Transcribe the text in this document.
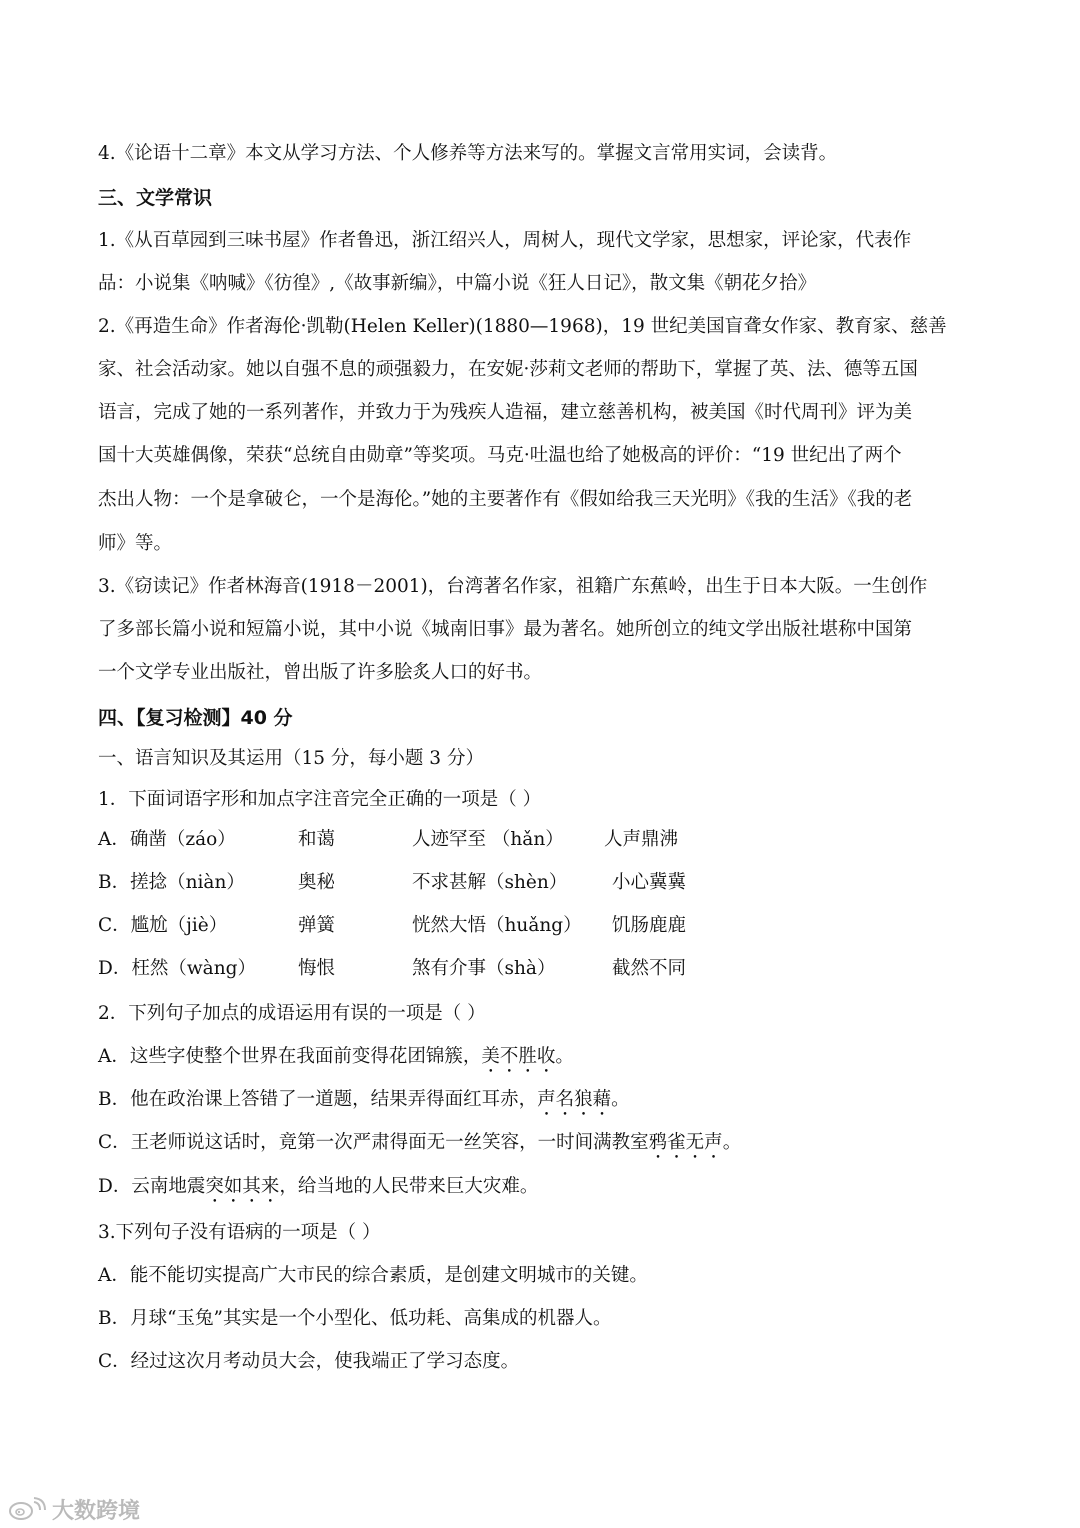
4.《论语十二章》本文从学习方法、个人修养等方法来写的。掌握文言常用实词，会读背。
三、文学常识
1.《从百草园到三味书屋》作者鲁迅，浙江绍兴人，周树人，现代文学家，思想家，评论家，代表作
品：小说集《呐喊》《彷徨》,《故事新编》，中篇小说《狂人日记》，散文集《朝花夕拾》
2.《再造生命》作者海伦·凯勒(Helen Keller)(1880—1968)，19 世纪美国盲聋女作家、教育家、慈善
家、社会活动家。她以自强不息的顽强毅力，在安妮·莎莉文老师的帮助下，掌握了英、法、德等五国
语言，完成了她的一系列著作，并致力于为残疾人造福，建立慈善机构，被美国《时代周刊》评为美
国十大英雄偶像，荣获“总统自由勋章”等奖项。马克·吐温也给了她极高的评价：“19 世纪出了两个
杰出人物：一个是拿破仑，一个是海伦。”她的主要著作有《假如给我三天光明》《我的生活》《我的老
师》等。
3.《窃读记》作者林海音(1918－2001)，台湾著名作家，祖籍广东蕉岭，出生于日本大阪。一生创作
了多部长篇小说和短篇小说，其中小说《城南旧事》最为著名。她所创立的纯文学出版社堪称中国第
一个文学专业出版社，曾出版了许多脍炙人口的好书。
四、【复习检测】40 分
一、语言知识及其运用（15 分，每小题 3 分）
1．下面词语字形和加点字注音完全正确的一项是（ ）
A．确凿（záo）	和蔼	人迹罕至 （hǎn） 人声鼎沸
B．搓捻（niàn）	奥秘	不求甚解（shèn） 小心冀冀
C．尴尬（jiè）	弹簧	恍然大悟（huǎng） 饥肠鹿鹿
D．枉然（wàng） 悔恨	煞有介事（shà）	截然不同
2．下列句子加点的成语运用有误的一项是（ ）
A．这些字使整个世界在我面前变得花团锦簇，美不胜收。
B．他在政治课上答错了一道题，结果弄得面红耳赤，声名狼藉。
C．王老师说这话时，竟第一次严肃得面无一丝笑容，一时间满教室鸦雀无声。
D．云南地震突如其来，给当地的人民带来巨大灾难。
3.下列句子没有语病的一项是（ ）
A．能不能切实提高广大市民的综合素质，是创建文明城市的关键。
B．月球“玉兔”其实是一个小型化、低功耗、高集成的机器人。
C．经过这次月考动员大会，使我端正了学习态度。
大数跨境
